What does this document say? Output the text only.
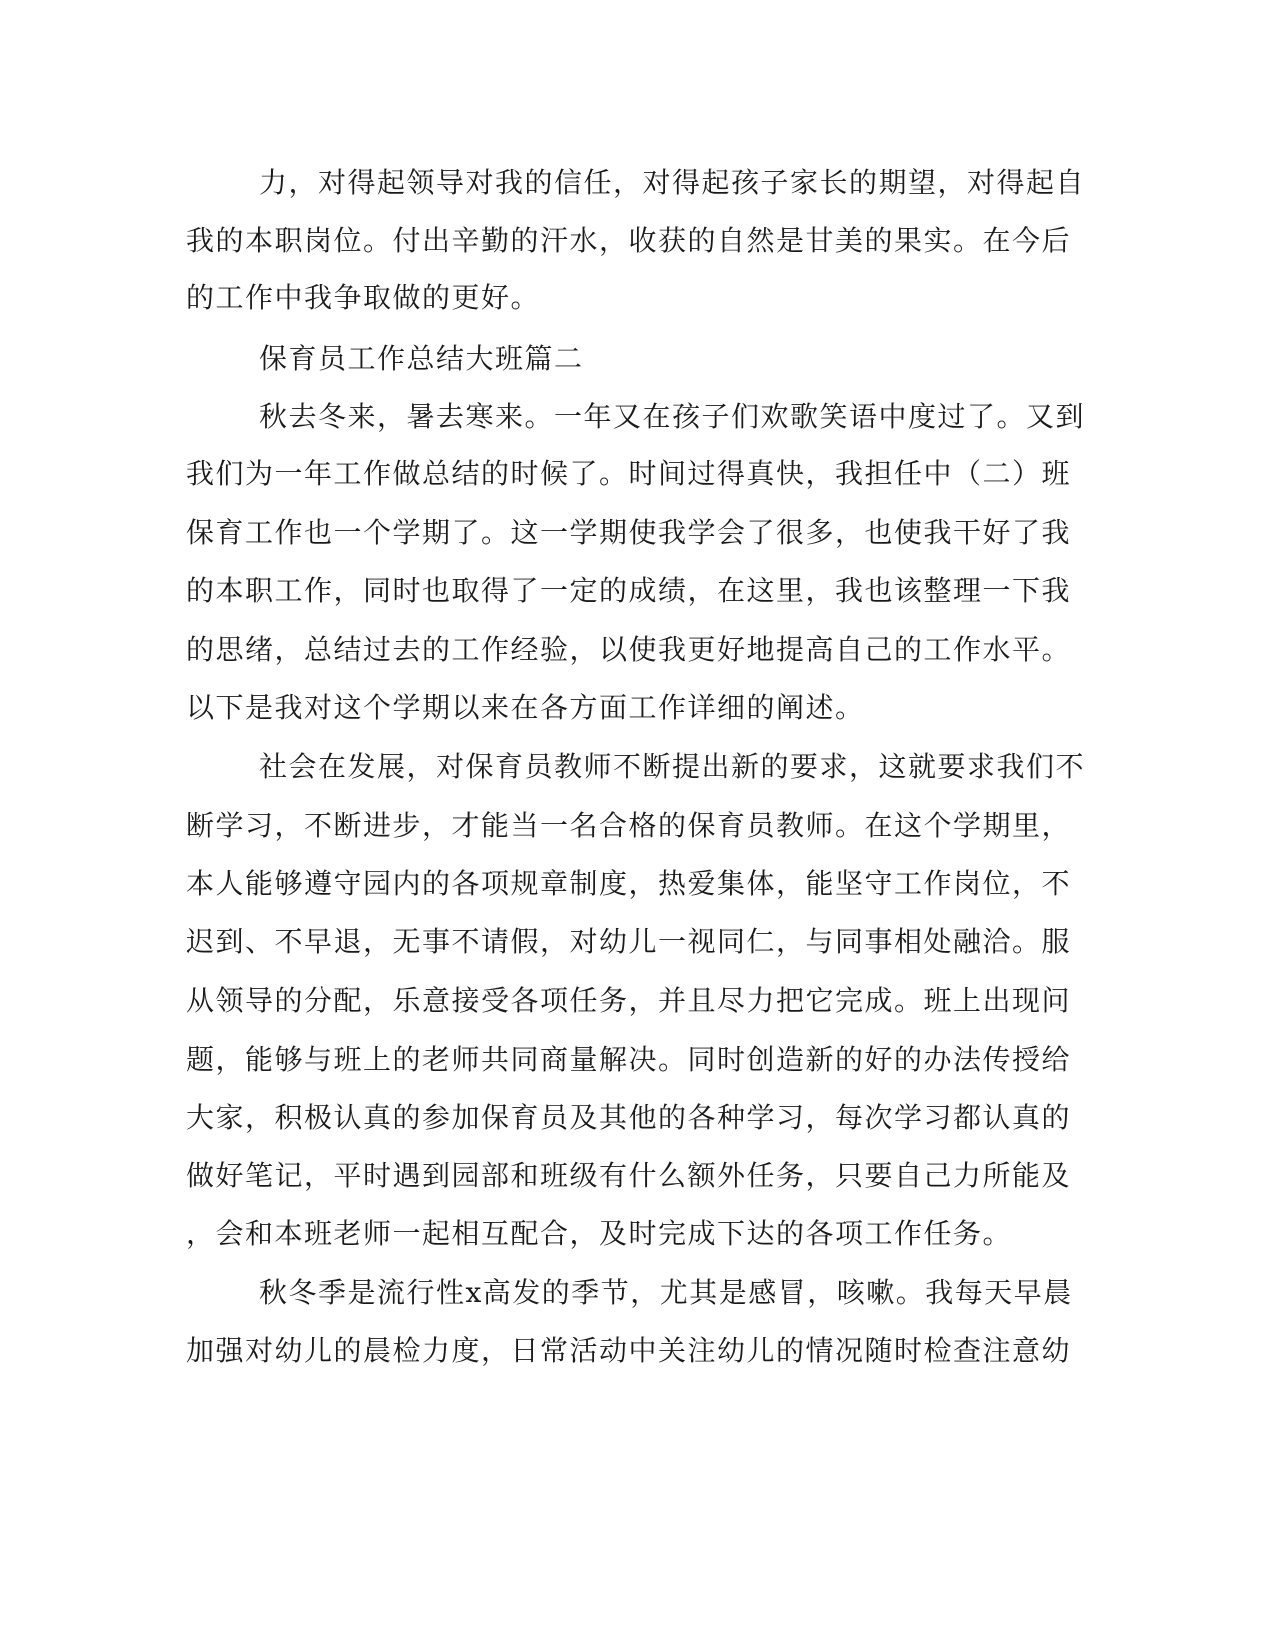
力，对得起领导对我的信任，对得起孩子家长的期望，对得起自
我的本职岗位。付出辛勤的汗水，收获的自然是甘美的果实。在今后
的工作中我争取做的更好。
保育员工作总结大班篇二
秋去冬来，暑去寒来。一年又在孩子们欢歌笑语中度过了。又到
我们为一年工作做总结的时候了。时间过得真快，我担任中（二）班
保育工作也一个学期了。这一学期使我学会了很多，也使我干好了我
的本职工作，同时也取得了一定的成绩，在这里，我也该整理一下我
的思绪，总结过去的工作经验，以使我更好地提高自己的工作水平。
以下是我对这个学期以来在各方面工作详细的阐述。
社会在发展，对保育员教师不断提出新的要求，这就要求我们不
断学习，不断进步，才能当一名合格的保育员教师。在这个学期里，
本人能够遵守园内的各项规章制度，热爱集体，能坚守工作岗位，不
迟到、不早退，无事不请假，对幼儿一视同仁，与同事相处融洽。服
从领导的分配，乐意接受各项任务，并且尽力把它完成。班上出现问
题，能够与班上的老师共同商量解决。同时创造新的好的办法传授给
大家，积极认真的参加保育员及其他的各种学习，每次学习都认真的
做好笔记，平时遇到园部和班级有什么额外任务，只要自己力所能及
，会和本班老师一起相互配合，及时完成下达的各项工作任务。
秋冬季是流行性x高发的季节，尤其是感冒，咳嗽。我每天早晨
加强对幼儿的晨检力度，日常活动中关注幼儿的情况随时检查注意幼
